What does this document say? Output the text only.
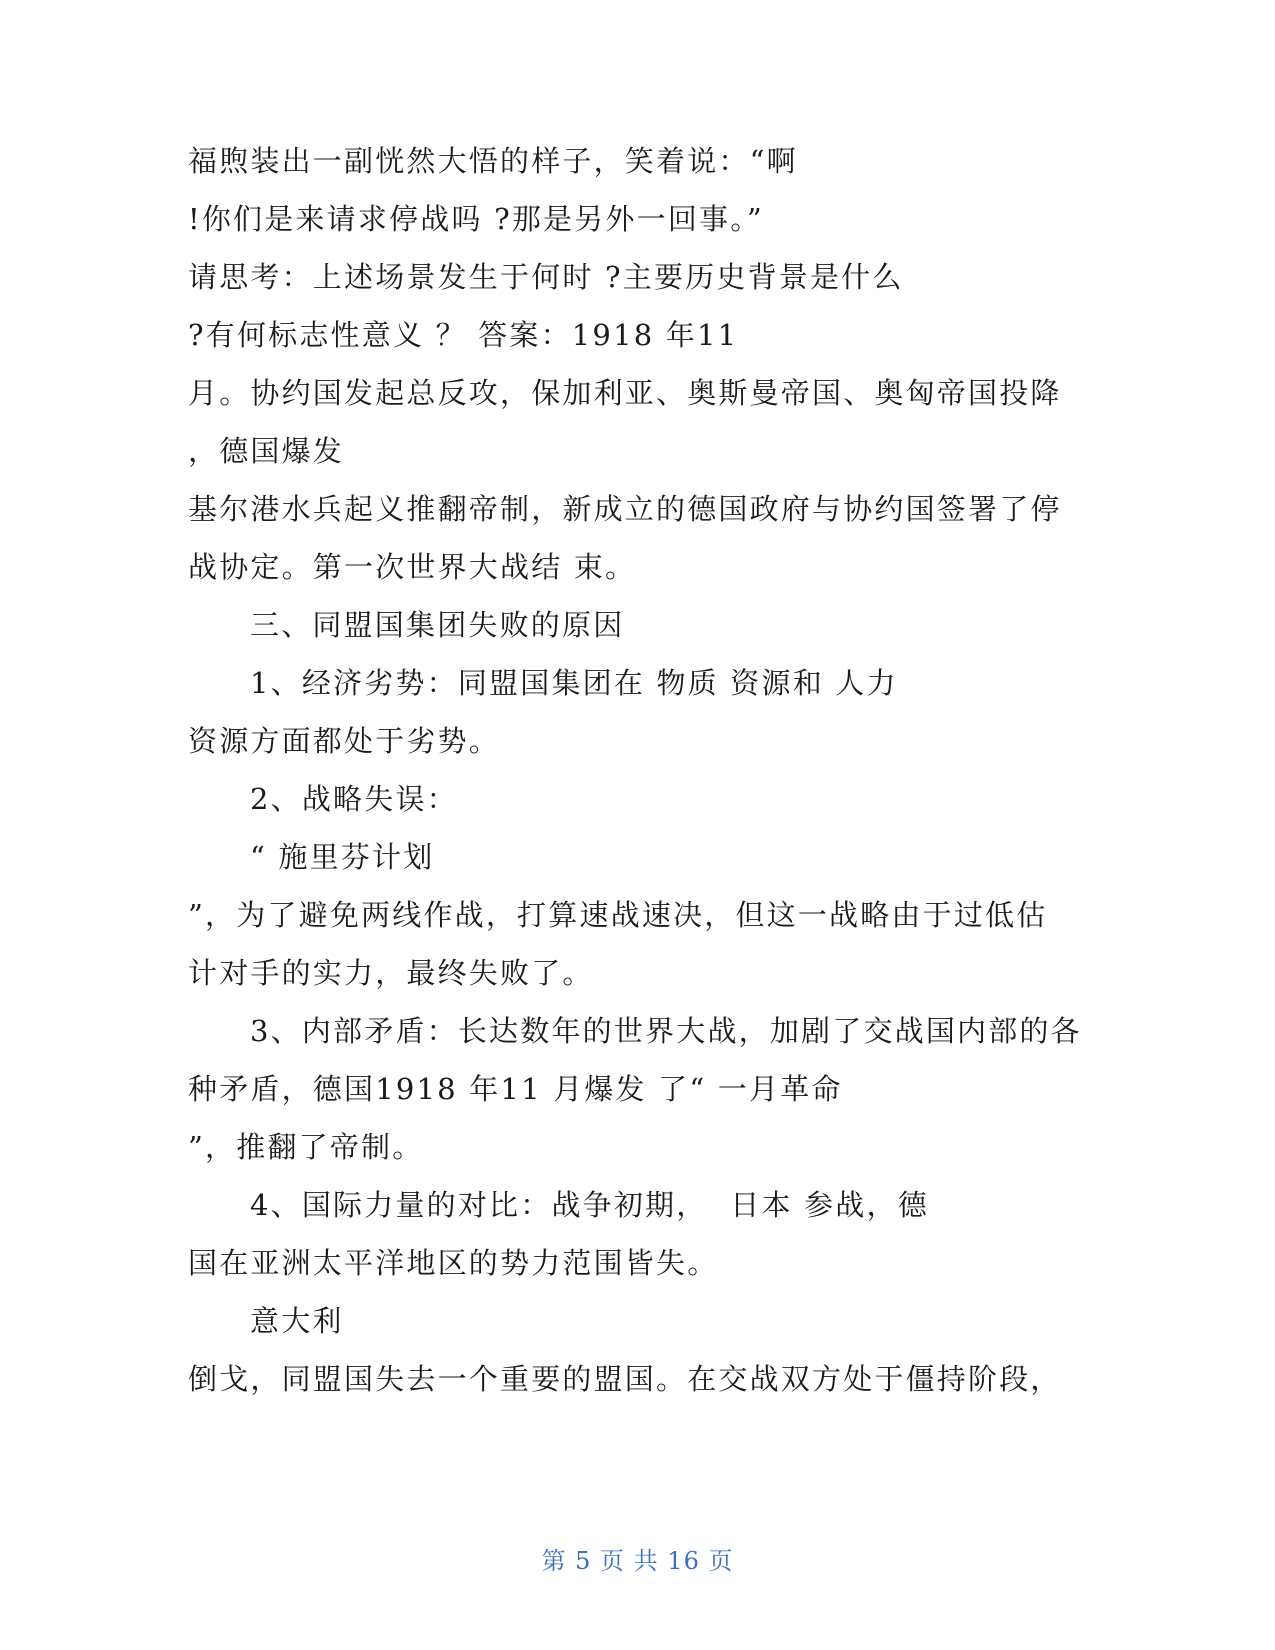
福煦装出一副恍然大悟的样子，笑着说：“啊
!你们是来请求停战吗 ?那是另外一回事。”
请思考：上述场景发生于何时 ?主要历史背景是什么
?有何标志性意义 ？ 答案：1918 年11
月。协约国发起总反攻，保加利亚、奥斯曼帝国、奥匈帝国投降
，德国爆发
基尔港水兵起义推翻帝制，新成立的德国政府与协约国签署了停
战协定。第一次世界大战结 束。
三、同盟国集团失败的原因
1、经济劣势：同盟国集团在 物质 资源和 人力
资源方面都处于劣势。
2、战略失误：
“ 施里芬计划
”，为了避免两线作战，打算速战速决，但这一战略由于过低估
计对手的实力，最终失败了。
3、内部矛盾：长达数年的世界大战，加剧了交战国内部的各
种矛盾，德国1918 年11 月爆发 了“ 一月革命
”，推翻了帝制。
4、国际力量的对比：战争初期，  日本 参战，德
国在亚洲太平洋地区的势力范围皆失。
意大利
倒戈，同盟国失去一个重要的盟国。在交战双方处于僵持阶段，
第 5 页 共 16 页
